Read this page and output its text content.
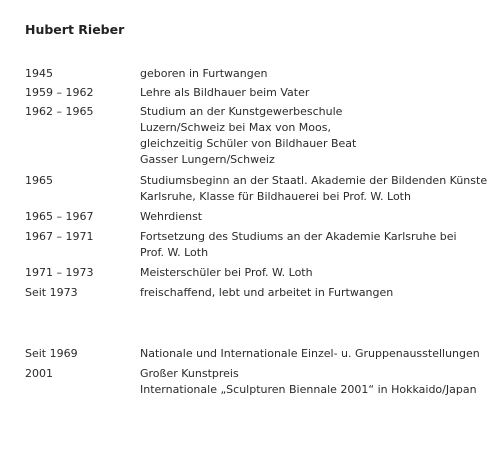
Hubert Rieber
1945	geboren in Furtwangen
1959 – 1962	Lehre als Bildhauer beim Vater
1962 – 1965	Studium an der Kunstgewerbeschule
Luzern/Schweiz bei Max von Moos,
gleichzeitig Schüler von Bildhauer Beat
Gasser Lungern/Schweiz
1965	Studiumsbeginn an der Staatl. Akademie der Bildenden Künste
Karlsruhe, Klasse für Bildhauerei bei Prof. W. Loth
1965 – 1967	Wehrdienst
1967 – 1971	Fortsetzung des Studiums an der Akademie Karlsruhe bei
Prof. W. Loth
1971 – 1973	Meisterschüler bei Prof. W. Loth
Seit 1973	freischaffend, lebt und arbeitet in Furtwangen
Seit 1969	Nationale und Internationale Einzel- u. Gruppenausstellungen
2001	Großer Kunstpreis
Internationale „Sculpturen Biennale 2001“ in Hokkaido/Japan
